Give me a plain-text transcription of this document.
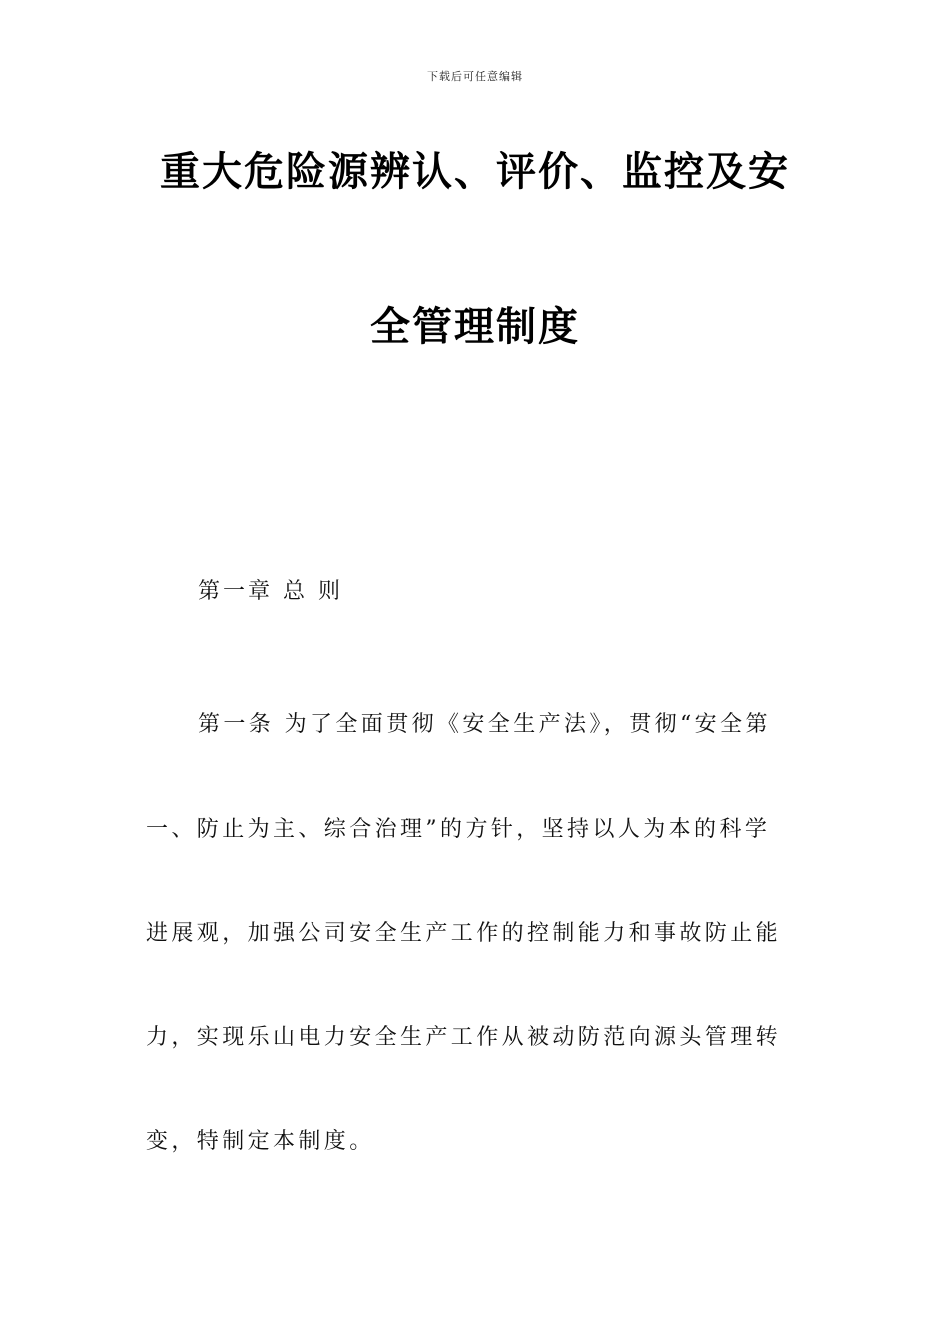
下载后可任意编辑
重大危险源辨认、评价、监控及安
全管理制度
第一章 总 则
第一条 为了全面贯彻《安全生产法》，贯彻“安全第
一、防止为主、综合治理”的方针，坚持以人为本的科学
进展观，加强公司安全生产工作的控制能力和事故防止能
力，实现乐山电力安全生产工作从被动防范向源头管理转
变，特制定本制度。
